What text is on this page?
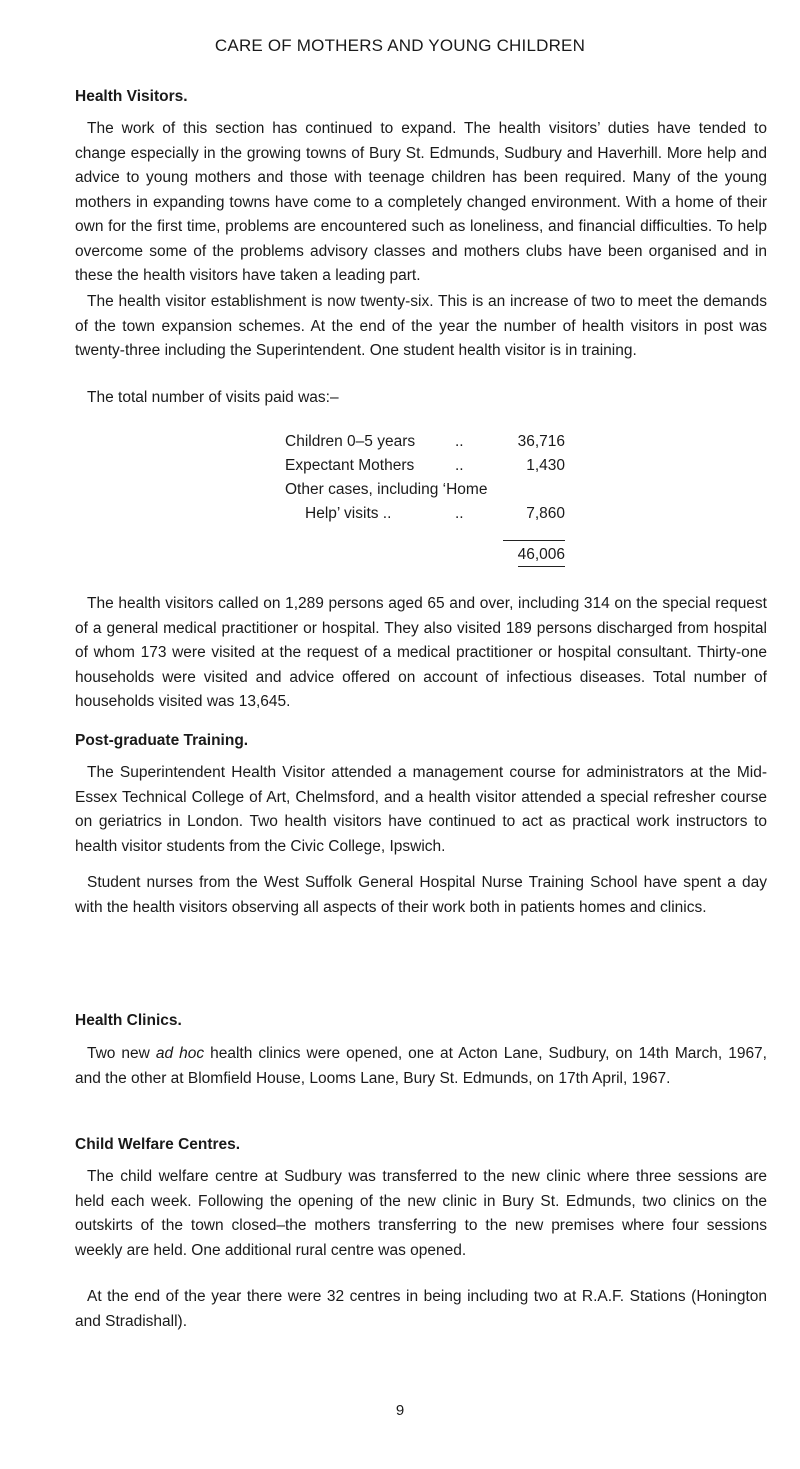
CARE OF MOTHERS AND YOUNG CHILDREN
Health Visitors.

The work of this section has continued to expand. The health visitors’ duties have tended to change especially in the growing towns of Bury St. Edmunds, Sudbury and Haverhill. More help and advice to young mothers and those with teenage children has been required. Many of the young mothers in expanding towns have come to a completely changed environment. With a home of their own for the first time, problems are encountered such as loneliness, and financial difficulties. To help overcome some of the problems advisory classes and mothers clubs have been organised and in these the health visitors have taken a leading part.

The health visitor establishment is now twenty-six. This is an increase of two to meet the demands of the town expansion schemes. At the end of the year the number of health visitors in post was twenty-three including the Superintendent. One student health visitor is in training.

The total number of visits paid was:–

Children 0–5 years	..	36,716
Expectant Mothers	..	1,430
Other cases, including ‘Home
Help’ visits ..	..	7,860
46,006

The health visitors called on 1,289 persons aged 65 and over, including 314 on the special request of a general medical practitioner or hospital. They also visited 189 persons discharged from hospital of whom 173 were visited at the request of a medical practitioner or hospital consultant. Thirty-one households were visited and advice offered on account of infectious diseases. Total number of households visited was 13,645.

Post-graduate Training.

The Superintendent Health Visitor attended a management course for administrators at the Mid-Essex Technical College of Art, Chelmsford, and a health visitor attended a special refresher course on geriatrics in London. Two health visitors have continued to act as practical work instructors to health visitor students from the Civic College, Ipswich.

Student nurses from the West Suffolk General Hospital Nurse Training School have spent a day with the health visitors observing all aspects of their work both in patients homes and clinics.

Health Clinics.

Two new ad hoc health clinics were opened, one at Acton Lane, Sudbury, on 14th March, 1967, and the other at Blomfield House, Looms Lane, Bury St. Edmunds, on 17th April, 1967.

Child Welfare Centres.

The child welfare centre at Sudbury was transferred to the new clinic where three sessions are held each week. Following the opening of the new clinic in Bury St. Edmunds, two clinics on the outskirts of the town closed–the mothers transferring to the new premises where four sessions weekly are held. One additional rural centre was opened.

At the end of the year there were 32 centres in being including two at R.A.F. Stations (Honington and Stradishall).

9
